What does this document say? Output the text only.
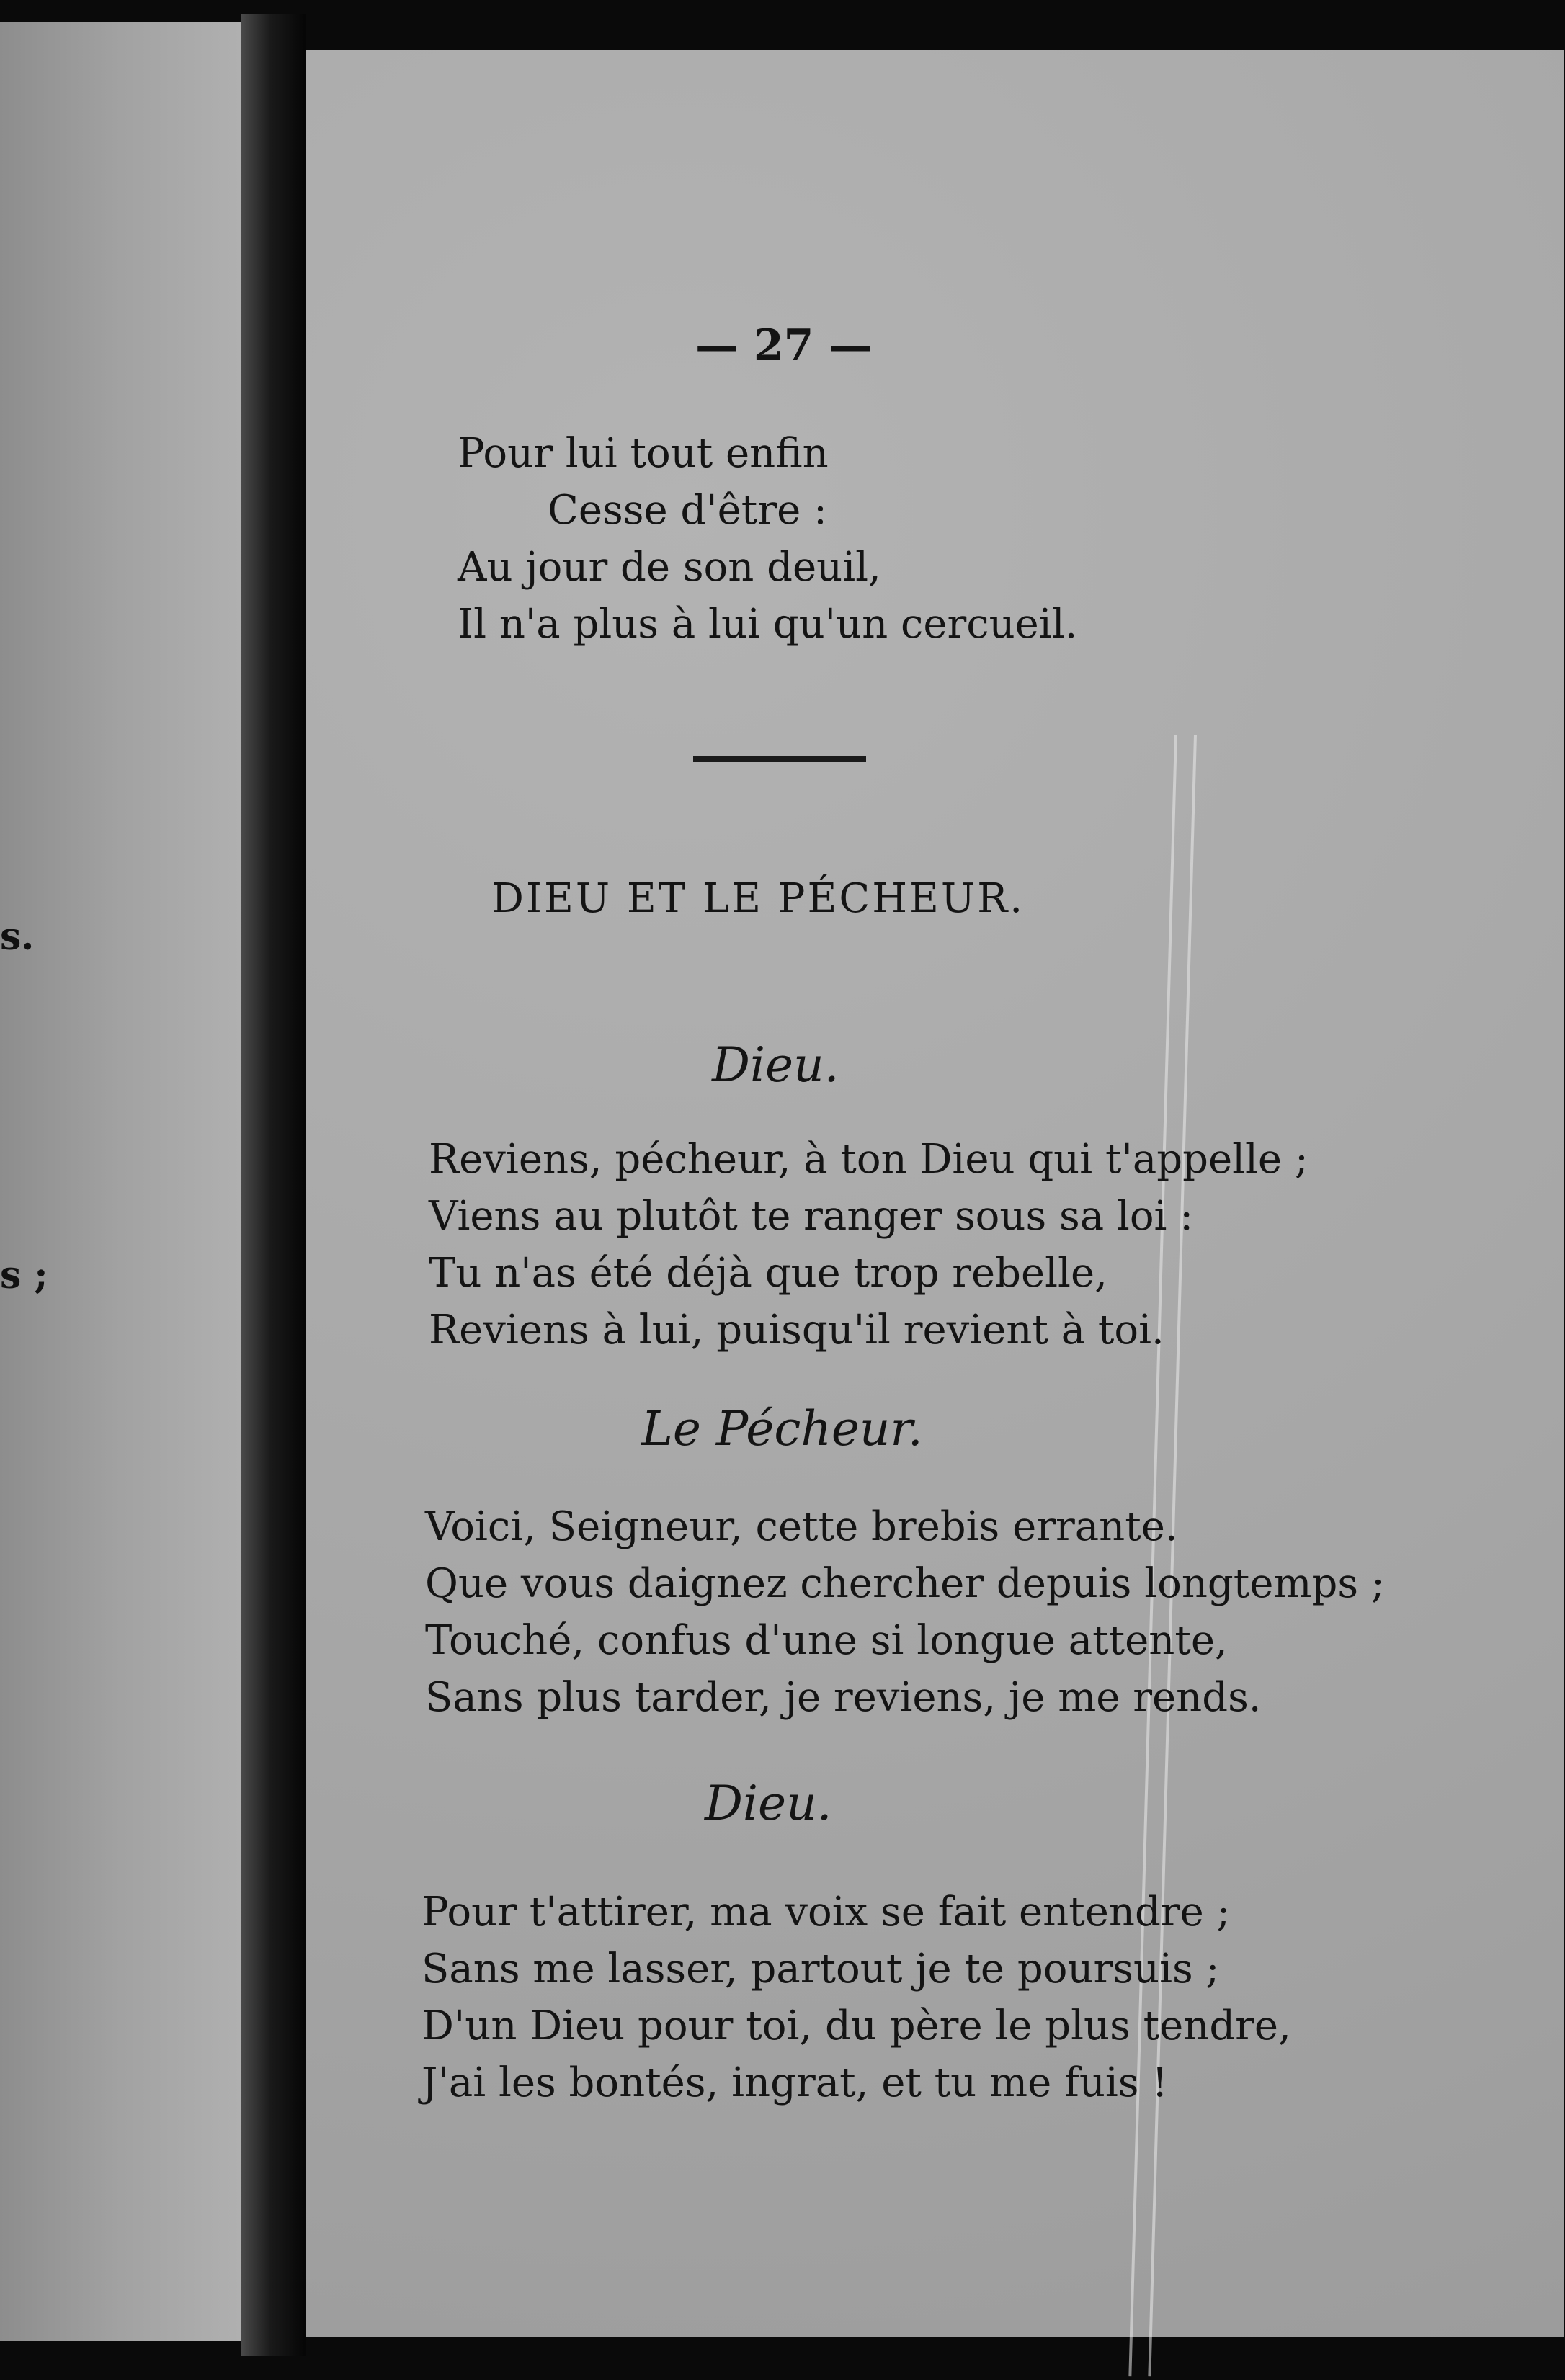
s.
s ;
— 27 —
Pour lui tout enfin
Cesse d'être :
Au jour de son deuil,
Il n'a plus à lui qu'un cercueil.
DIEU ET LE PÉCHEUR.
Dieu.
Reviens, pécheur, à ton Dieu qui t'appelle ;
Viens au plutôt te ranger sous sa loi :
Tu n'as été déjà que trop rebelle,
Reviens à lui, puisqu'il revient à toi.
Le Pécheur.
Voici, Seigneur, cette brebis errante.
Que vous daignez chercher depuis longtemps ;
Touché, confus d'une si longue attente,
Sans plus tarder, je reviens, je me rends.
Dieu.
Pour t'attirer, ma voix se fait entendre ;
Sans me lasser, partout je te poursuis ;
D'un Dieu pour toi, du père le plus tendre,
J'ai les bontés, ingrat, et tu me fuis !
